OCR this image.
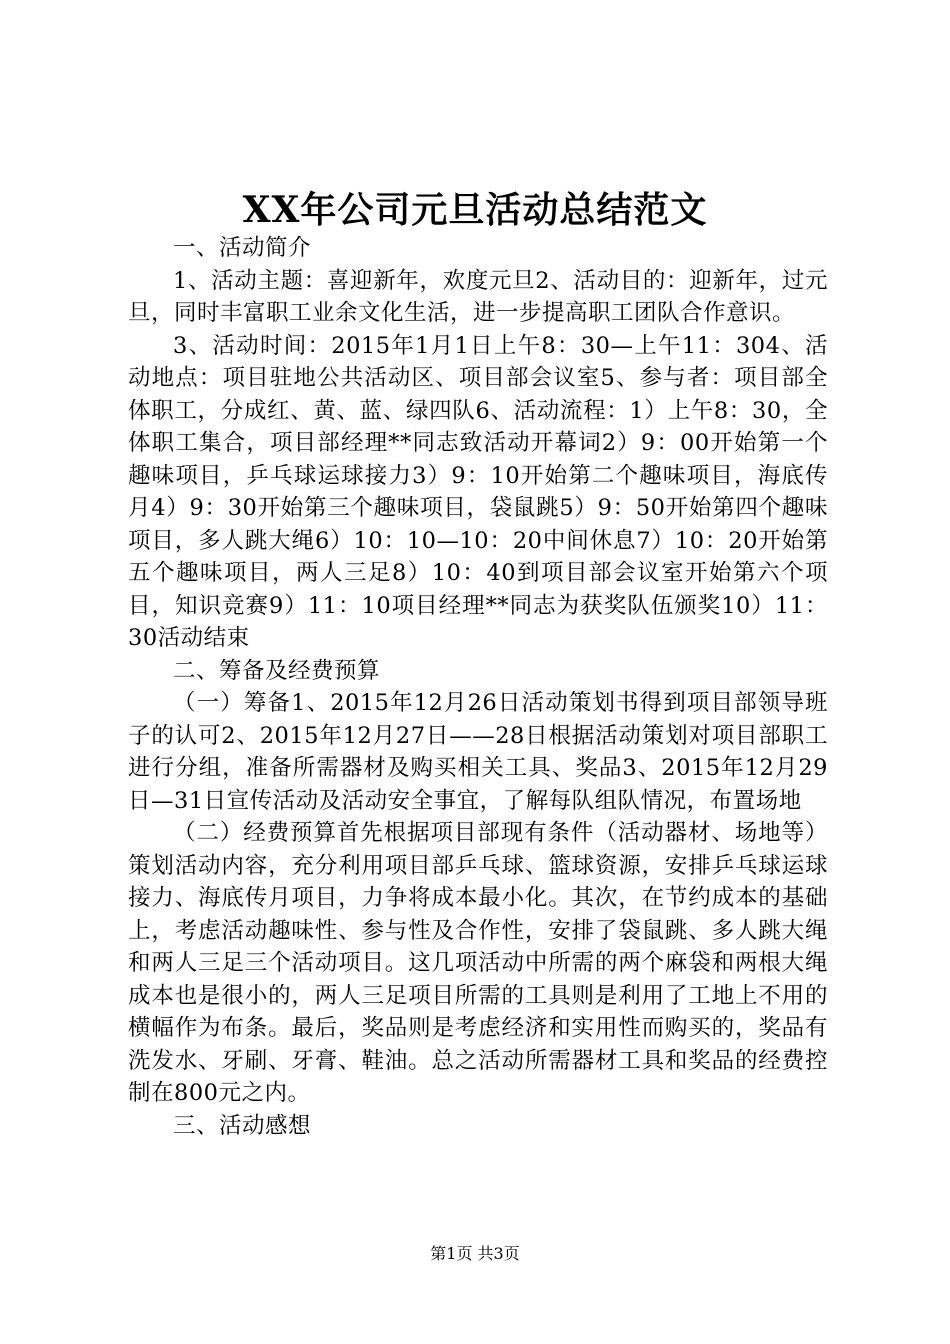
XX年公司元旦活动总结范文

一、活动简介

1、活动主题：喜迎新年，欢度元旦2、活动目的：迎新年，过元旦，同时丰富职工业余文化生活，进一步提高职工团队合作意识。

3、活动时间：2015年1月1日上午8：30—上午11：304、活动地点：项目驻地公共活动区、项目部会议室5、参与者：项目部全体职工，分成红、黄、蓝、绿四队6、活动流程：1）上午8：30，全体职工集合，项目部经理**同志致活动开幕词2）9：00开始第一个趣味项目，乒乓球运球接力3）9：10开始第二个趣味项目，海底传月4）9：30开始第三个趣味项目，袋鼠跳5）9：50开始第四个趣味项目，多人跳大绳6）10：10—10：20中间休息7）10：20开始第五个趣味项目，两人三足8）10：40到项目部会议室开始第六个项目，知识竞赛9）11：10项目经理**同志为获奖队伍颁奖10）11：30活动结束

二、筹备及经费预算

（一）筹备1、2015年12月26日活动策划书得到项目部领导班子的认可2、2015年12月27日——28日根据活动策划对项目部职工进行分组，准备所需器材及购买相关工具、奖品3、2015年12月29日—31日宣传活动及活动安全事宜，了解每队组队情况，布置场地

（二）经费预算首先根据项目部现有条件（活动器材、场地等）策划活动内容，充分利用项目部乒乓球、篮球资源，安排乒乓球运球接力、海底传月项目，力争将成本最小化。其次，在节约成本的基础上，考虑活动趣味性、参与性及合作性，安排了袋鼠跳、多人跳大绳和两人三足三个活动项目。这几项活动中所需的两个麻袋和两根大绳成本也是很小的，两人三足项目所需的工具则是利用了工地上不用的横幅作为布条。最后，奖品则是考虑经济和实用性而购买的，奖品有洗发水、牙刷、牙膏、鞋油。总之活动所需器材工具和奖品的经费控制在800元之内。

三、活动感想

第1页 共3页
